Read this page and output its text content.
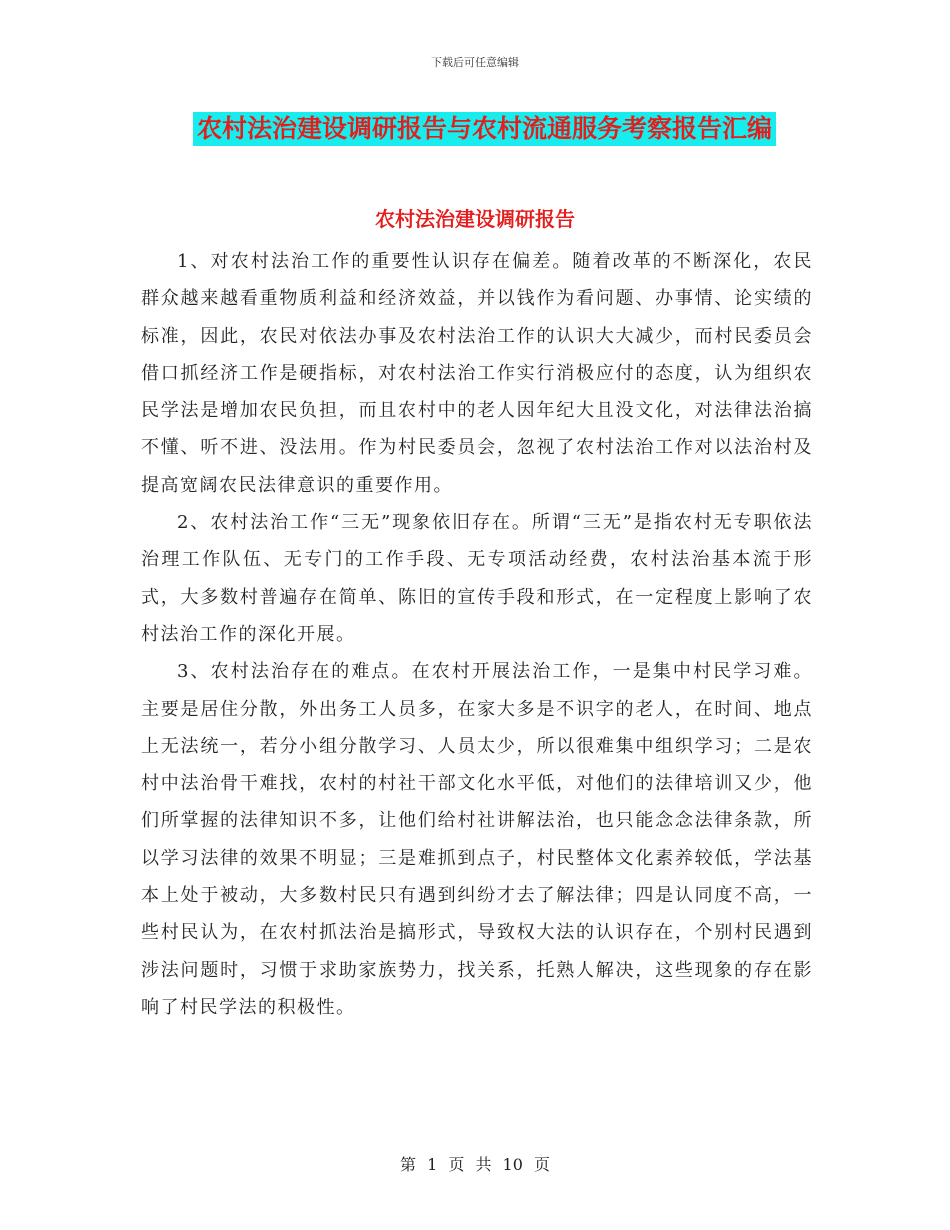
下载后可任意编辑
农村法治建设调研报告与农村流通服务考察报告汇编
农村法治建设调研报告

1、对农村法治工作的重要性认识存在偏差。随着改革的不断深化，农民群众越来越看重物质利益和经济效益，并以钱作为看问题、办事情、论实绩的标准，因此，农民对依法办事及农村法治工作的认识大大减少，而村民委员会借口抓经济工作是硬指标，对农村法治工作实行消极应付的态度，认为组织农民学法是增加农民负担，而且农村中的老人因年纪大且没文化，对法律法治搞不懂、听不进、没法用。作为村民委员会，忽视了农村法治工作对以法治村及提高宽阔农民法律意识的重要作用。

2、农村法治工作“三无”现象依旧存在。所谓“三无”是指农村无专职依法治理工作队伍、无专门的工作手段、无专项活动经费，农村法治基本流于形式，大多数村普遍存在简单、陈旧的宣传手段和形式，在一定程度上影响了农村法治工作的深化开展。

3、农村法治存在的难点。在农村开展法治工作，一是集中村民学习难。主要是居住分散，外出务工人员多，在家大多是不识字的老人，在时间、地点上无法统一，若分小组分散学习、人员太少，所以很难集中组织学习；二是农村中法治骨干难找，农村的村社干部文化水平低，对他们的法律培训又少，他们所掌握的法律知识不多，让他们给村社讲解法治，也只能念念法律条款，所以学习法律的效果不明显；三是难抓到点子，村民整体文化素养较低，学法基本上处于被动，大多数村民只有遇到纠纷才去了解法律；四是认同度不高，一些村民认为，在农村抓法治是搞形式，导致权大法的认识存在，个别村民遇到涉法问题时，习惯于求助家族势力，找关系，托熟人解决，这些现象的存在影响了村民学法的积极性。

第 1 页 共 10 页
